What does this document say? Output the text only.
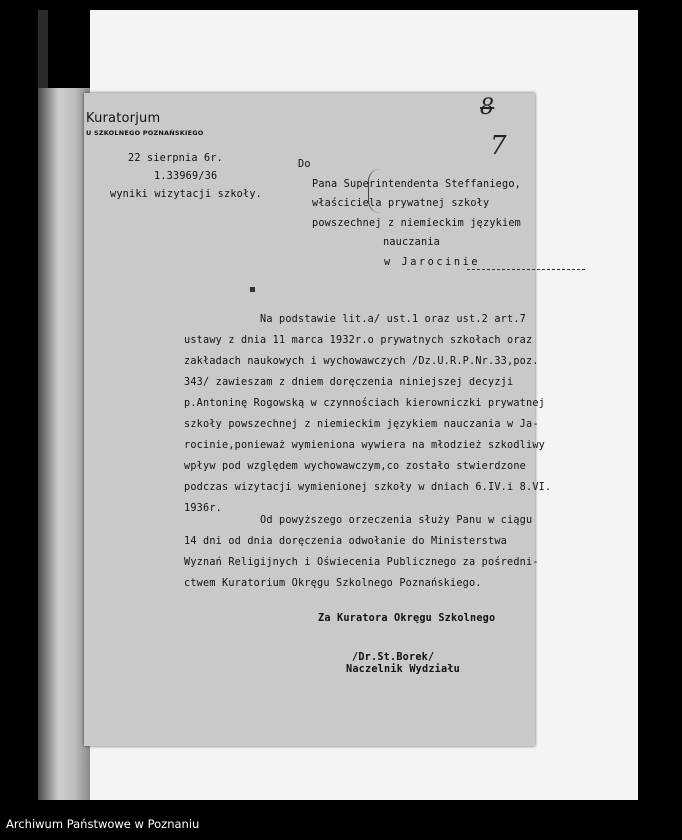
Kuratorjum
U SZKOLNEGO POZNAŃSKIEGO
22 sierpnia 6r.
1.33969/36
wyniki wizytacji szkoły.
8
7
Do
Pana Superintendenta Steffaniego,
właściciela prywatnej szkoły
powszechnej z niemieckim językiem
nauczania
w Jarocinie
Na podstawie lit.a/ ust.1 oraz ust.2 art.7
ustawy z dnia 11 marca 1932r.o prywatnych szkołach oraz
zakładach naukowych i wychowawczych /Dz.U.R.P.Nr.33,poz.
343/ zawieszam z dniem doręczenia niniejszej decyzji
p.Antoninę Rogowską w czynnościach kierowniczki prywatnej
szkoły powszechnej z niemieckim językiem nauczania w Ja-
rocinie,ponieważ wymieniona wywiera na młodzież szkodliwy
wpływ pod względem wychowawczym,co zostało stwierdzone
podczas wizytacji wymienionej szkoły w dniach 6.IV.i 8.VI.
1936r.
Od powyższego orzeczenia służy Panu w ciągu
14 dni od dnia doręczenia odwołanie do Ministerstwa
Wyznań Religijnych i Oświecenia Publicznego za pośredni-
ctwem Kuratorium Okręgu Szkolnego Poznańskiego.
Za Kuratora Okręgu Szkolnego
/Dr.St.Borek/
Naczelnik Wydziału
Archiwum Państwowe w Poznaniu
